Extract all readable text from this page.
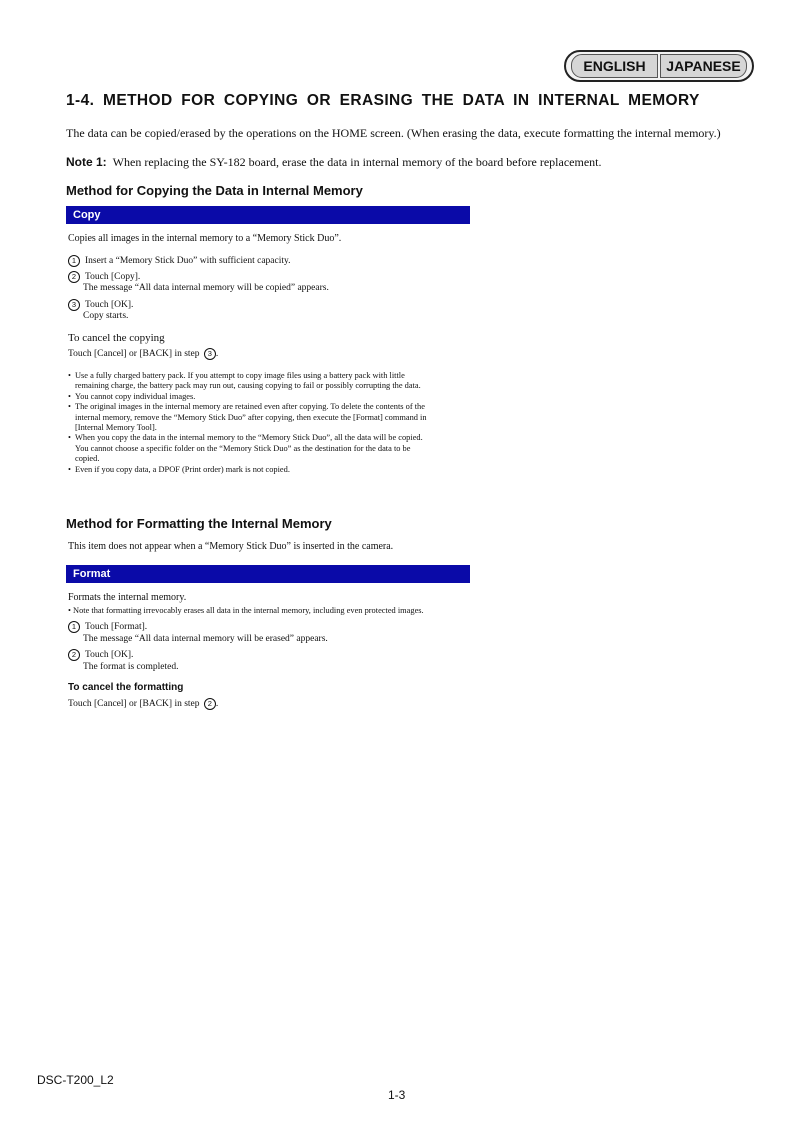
ENGLISH	JAPANESE
1-4. METHOD FOR COPYING OR ERASING THE DATA IN INTERNAL MEMORY
The data can be copied/erased by the operations on the HOME screen. (When erasing the data, execute formatting the internal memory.)
Note 1: When replacing the SY-182 board, erase the data in internal memory of the board before replacement.
Method for Copying the Data in Internal Memory
Copy
Copies all images in the internal memory to a “Memory Stick Duo”.
1 Insert a “Memory Stick Duo” with sufficient capacity.
2 Touch [Copy].
The message “All data internal memory will be copied” appears.
3 Touch [OK].
Copy starts.
To cancel the copying
Touch [Cancel] or [BACK] in step 3 .
• Use a fully charged battery pack. If you attempt to copy image files using a battery pack with little
remaining charge, the battery pack may run out, causing copying to fail or possibly corrupting the data.
• You cannot copy individual images.
• The original images in the internal memory are retained even after copying. To delete the contents of the
internal memory, remove the “Memory Stick Duo” after copying, then execute the [Format] command in
[Internal Memory Tool].
• When you copy the data in the internal memory to the “Memory Stick Duo”, all the data will be copied.
You cannot choose a specific folder on the “Memory Stick Duo” as the destination for the data to be
copied.
• Even if you copy data, a DPOF (Print order) mark is not copied.
Method for Formatting the Internal Memory
This item does not appear when a “Memory Stick Duo” is inserted in the camera.
Format
Formats the internal memory.
• Note that formatting irrevocably erases all data in the internal memory, including even protected images.
1 Touch [Format].
The message “All data internal memory will be erased” appears.
2 Touch [OK].
The format is completed.
To cancel the formatting
Touch [Cancel] or [BACK] in step 2 .
DSC-T200_L2
1-3
